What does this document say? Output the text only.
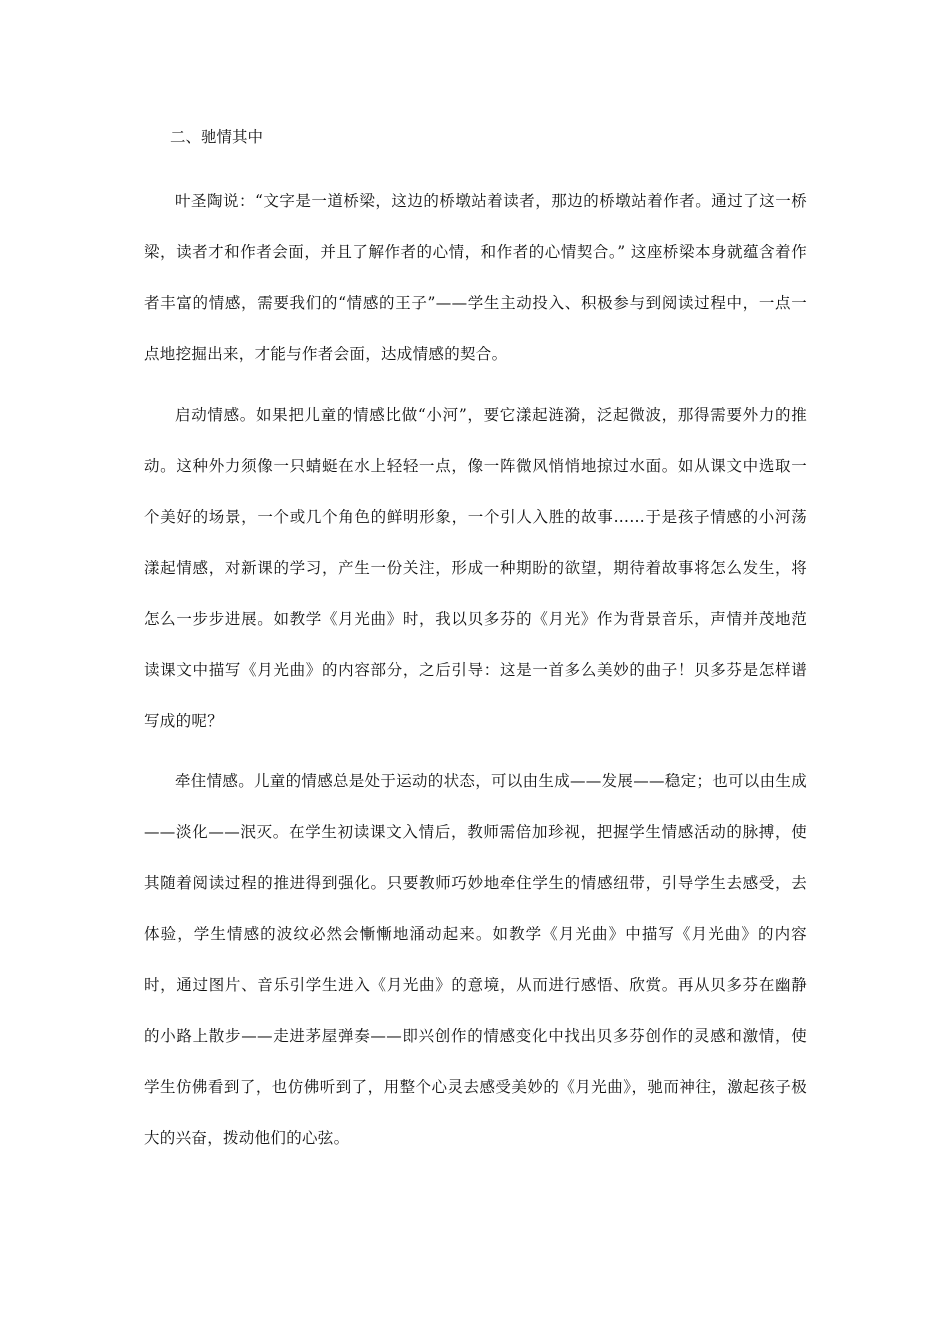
二、驰情其中

叶圣陶说：“文字是一道桥梁，这边的桥墩站着读者，那边的桥墩站着作者。通过了这一桥梁，读者才和作者会面，并且了解作者的心情，和作者的心情契合。” 这座桥梁本身就蕴含着作者丰富的情感，需要我们的“情感的王子”——学生主动投入、积极参与到阅读过程中，一点一点地挖掘出来，才能与作者会面，达成情感的契合。

启动情感。如果把儿童的情感比做“小河”，要它漾起涟漪，泛起微波，那得需要外力的推动。这种外力须像一只蜻蜓在水上轻轻一点，像一阵微风悄悄地掠过水面。如从课文中选取一个美好的场景，一个或几个角色的鲜明形象，一个引人入胜的故事……于是孩子情感的小河荡漾起情感，对新课的学习，产生一份关注，形成一种期盼的欲望，期待着故事将怎么发生，将怎么一步步进展。如教学《月光曲》时，我以贝多芬的《月光》作为背景音乐，声情并茂地范读课文中描写《月光曲》的内容部分，之后引导：这是一首多么美妙的曲子！贝多芬是怎样谱写成的呢？

牵住情感。儿童的情感总是处于运动的状态，可以由生成——发展——稳定；也可以由生成——淡化——泯灭。在学生初读课文入情后，教师需倍加珍视，把握学生情感活动的脉搏，使其随着阅读过程的推进得到强化。只要教师巧妙地牵住学生的情感纽带，引导学生去感受，去体验，学生情感的波纹必然会慚慚地涌动起来。如教学《月光曲》中描写《月光曲》的内容时，通过图片、音乐引学生进入《月光曲》的意境，从而进行感悟、欣赏。再从贝多芬在幽静的小路上散步——走进茅屋弹奏——即兴创作的情感变化中找出贝多芬创作的灵感和激情，使学生仿佛看到了，也仿佛听到了，用整个心灵去感受美妙的《月光曲》，驰而神往，激起孩子极大的兴奋，拨动他们的心弦。
